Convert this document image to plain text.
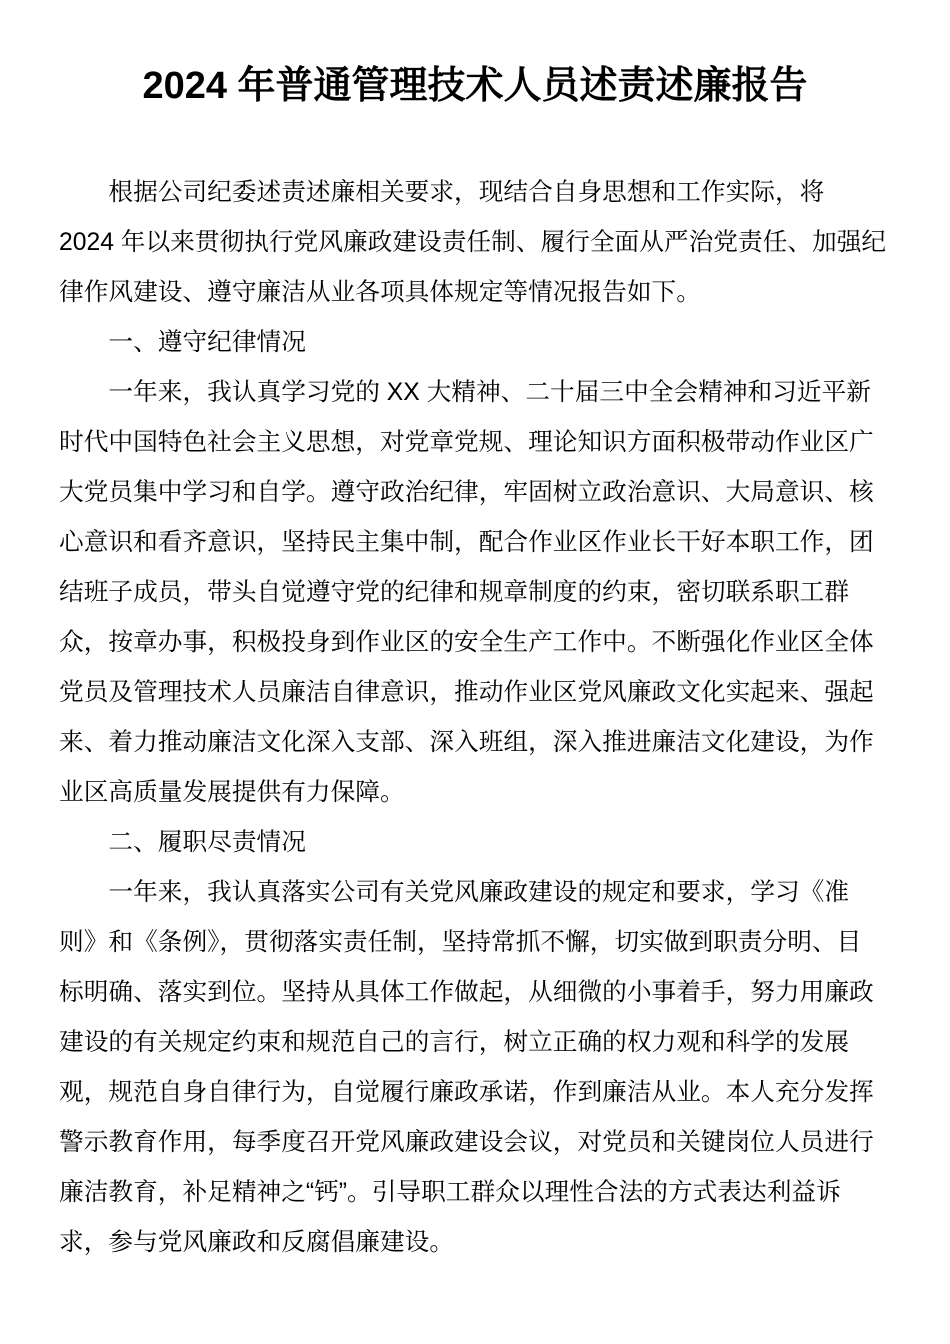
2024 年普通管理技术人员述责述廉报告

根据公司纪委述责述廉相关要求，现结合自身思想和工作实际，将
2024 年以来贯彻执行党风廉政建设责任制、履行全面从严治党责任、加强纪
律作风建设、遵守廉洁从业各项具体规定等情况报告如下。

一、遵守纪律情况

一年来，我认真学习党的 XX 大精神、二十届三中全会精神和习近平新
时代中国特色社会主义思想，对党章党规、理论知识方面积极带动作业区广
大党员集中学习和自学。遵守政治纪律，牢固树立政治意识、大局意识、核
心意识和看齐意识，坚持民主集中制，配合作业区作业长干好本职工作，团
结班子成员，带头自觉遵守党的纪律和规章制度的约束，密切联系职工群
众，按章办事，积极投身到作业区的安全生产工作中。不断强化作业区全体
党员及管理技术人员廉洁自律意识，推动作业区党风廉政文化实起来、强起
来、着力推动廉洁文化深入支部、深入班组，深入推进廉洁文化建设，为作
业区高质量发展提供有力保障。

二、履职尽责情况

一年来，我认真落实公司有关党风廉政建设的规定和要求，学习《准
则》和《条例》，贯彻落实责任制，坚持常抓不懈，切实做到职责分明、目
标明确、落实到位。坚持从具体工作做起，从细微的小事着手，努力用廉政
建设的有关规定约束和规范自己的言行，树立正确的权力观和科学的发展
观，规范自身自律行为，自觉履行廉政承诺，作到廉洁从业。本人充分发挥
警示教育作用，每季度召开党风廉政建设会议，对党员和关键岗位人员进行
廉洁教育，补足精神之“钙”。引导职工群众以理性合法的方式表达利益诉
求，参与党风廉政和反腐倡廉建设。
